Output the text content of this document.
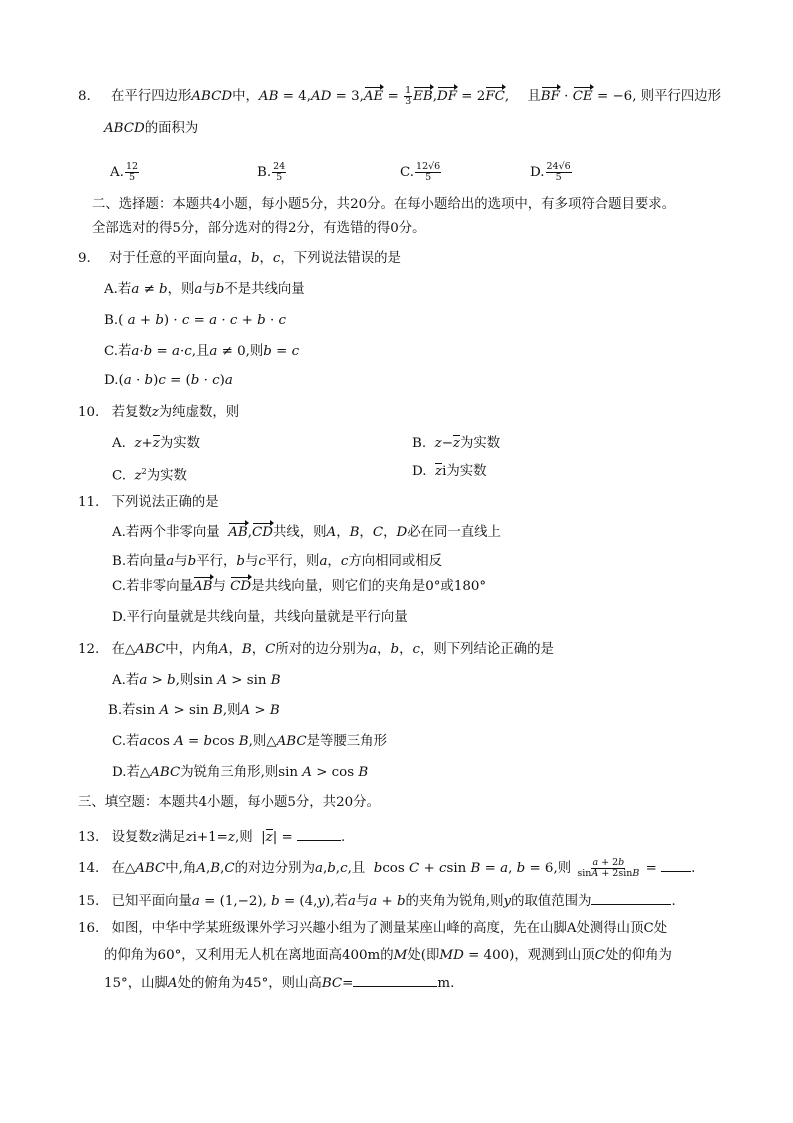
8. 在平行四边形ABCD中，AB = $4,AD = 3,AE = \frac{1}{3} EB,DF = 2FC$, 且BF · CE = −6, 则平行四边形
ABCD的面积为
A. $\frac{12}{5}$	B. $\frac{24}{5}$	C. $\frac{12√6}{5}$	D. $\frac{24√6}{5}$
二、选择题：本题共4小题，每小题5分，共20分。在每小题给出的选项中，有多项符合题目要求。
全部选对的得5分，部分选对的得2分，有选错的得0分。
9. 对于任意的平面向量a，b，c，下列说法错误的是
A.若a ≠ b，则a与b不是共线向量
B.( a + b) · c = a · c + b · c
C.若a·b = a·c,且a ≠ 0,则b = c
D.(a · b)c = (b · c)a
10. 若复数z为纯虚数，则
A. z+z为实数	B. z−z为实数
C. $z^2$为实数	D. zi为实数
11. 下列说法正确的是
A.若两个非零向量 AB,CD共线，则A，B，C，D必在同一直线上
B.若向量a与b平行，b与c平行，则a，c方向相同或相反
C.若非零向量AB与 CD是共线向量，则它们的夹角是0°或180°
D.平行向量就是共线向量，共线向量就是平行向量
12. 在△ABC中，内角A，B，C所对的边分别为a，b，c，则下列结论正确的是
A.若a > b,则sin A > sin B
B.若sin A > sin B,则A > B
C.若acos A = bcos B,则△ABC是等腰三角形
D.若△ABC为锐角三角形,则sin A > cos B
三、填空题：本题共4小题，每小题5分，共20分。
13. 设复数z满足zi+1=z,则  |z| =	.
14. 在△ABC中,角A,B,C的对边分别为a,b,c,且 bcos C + csin B = a, b = 6,则 $\frac{a + 2b}{\sin A + 2\sin B}$ = .
15. 已知平面向量a = (1,−2), b = (4,y),若a与a + b的夹角为锐角,则y的取值范围为	.
16. 如图，中华中学某班级课外学习兴趣小组为了测量某座山峰的高度，先在山脚A处测得山顶C处
的仰角为60°，又利用无人机在离地面高400m的M处(即MD = 400)，观测到山顶C处的仰角为
15°，山脚A处的俯角为45°，则山高BC=	m.
